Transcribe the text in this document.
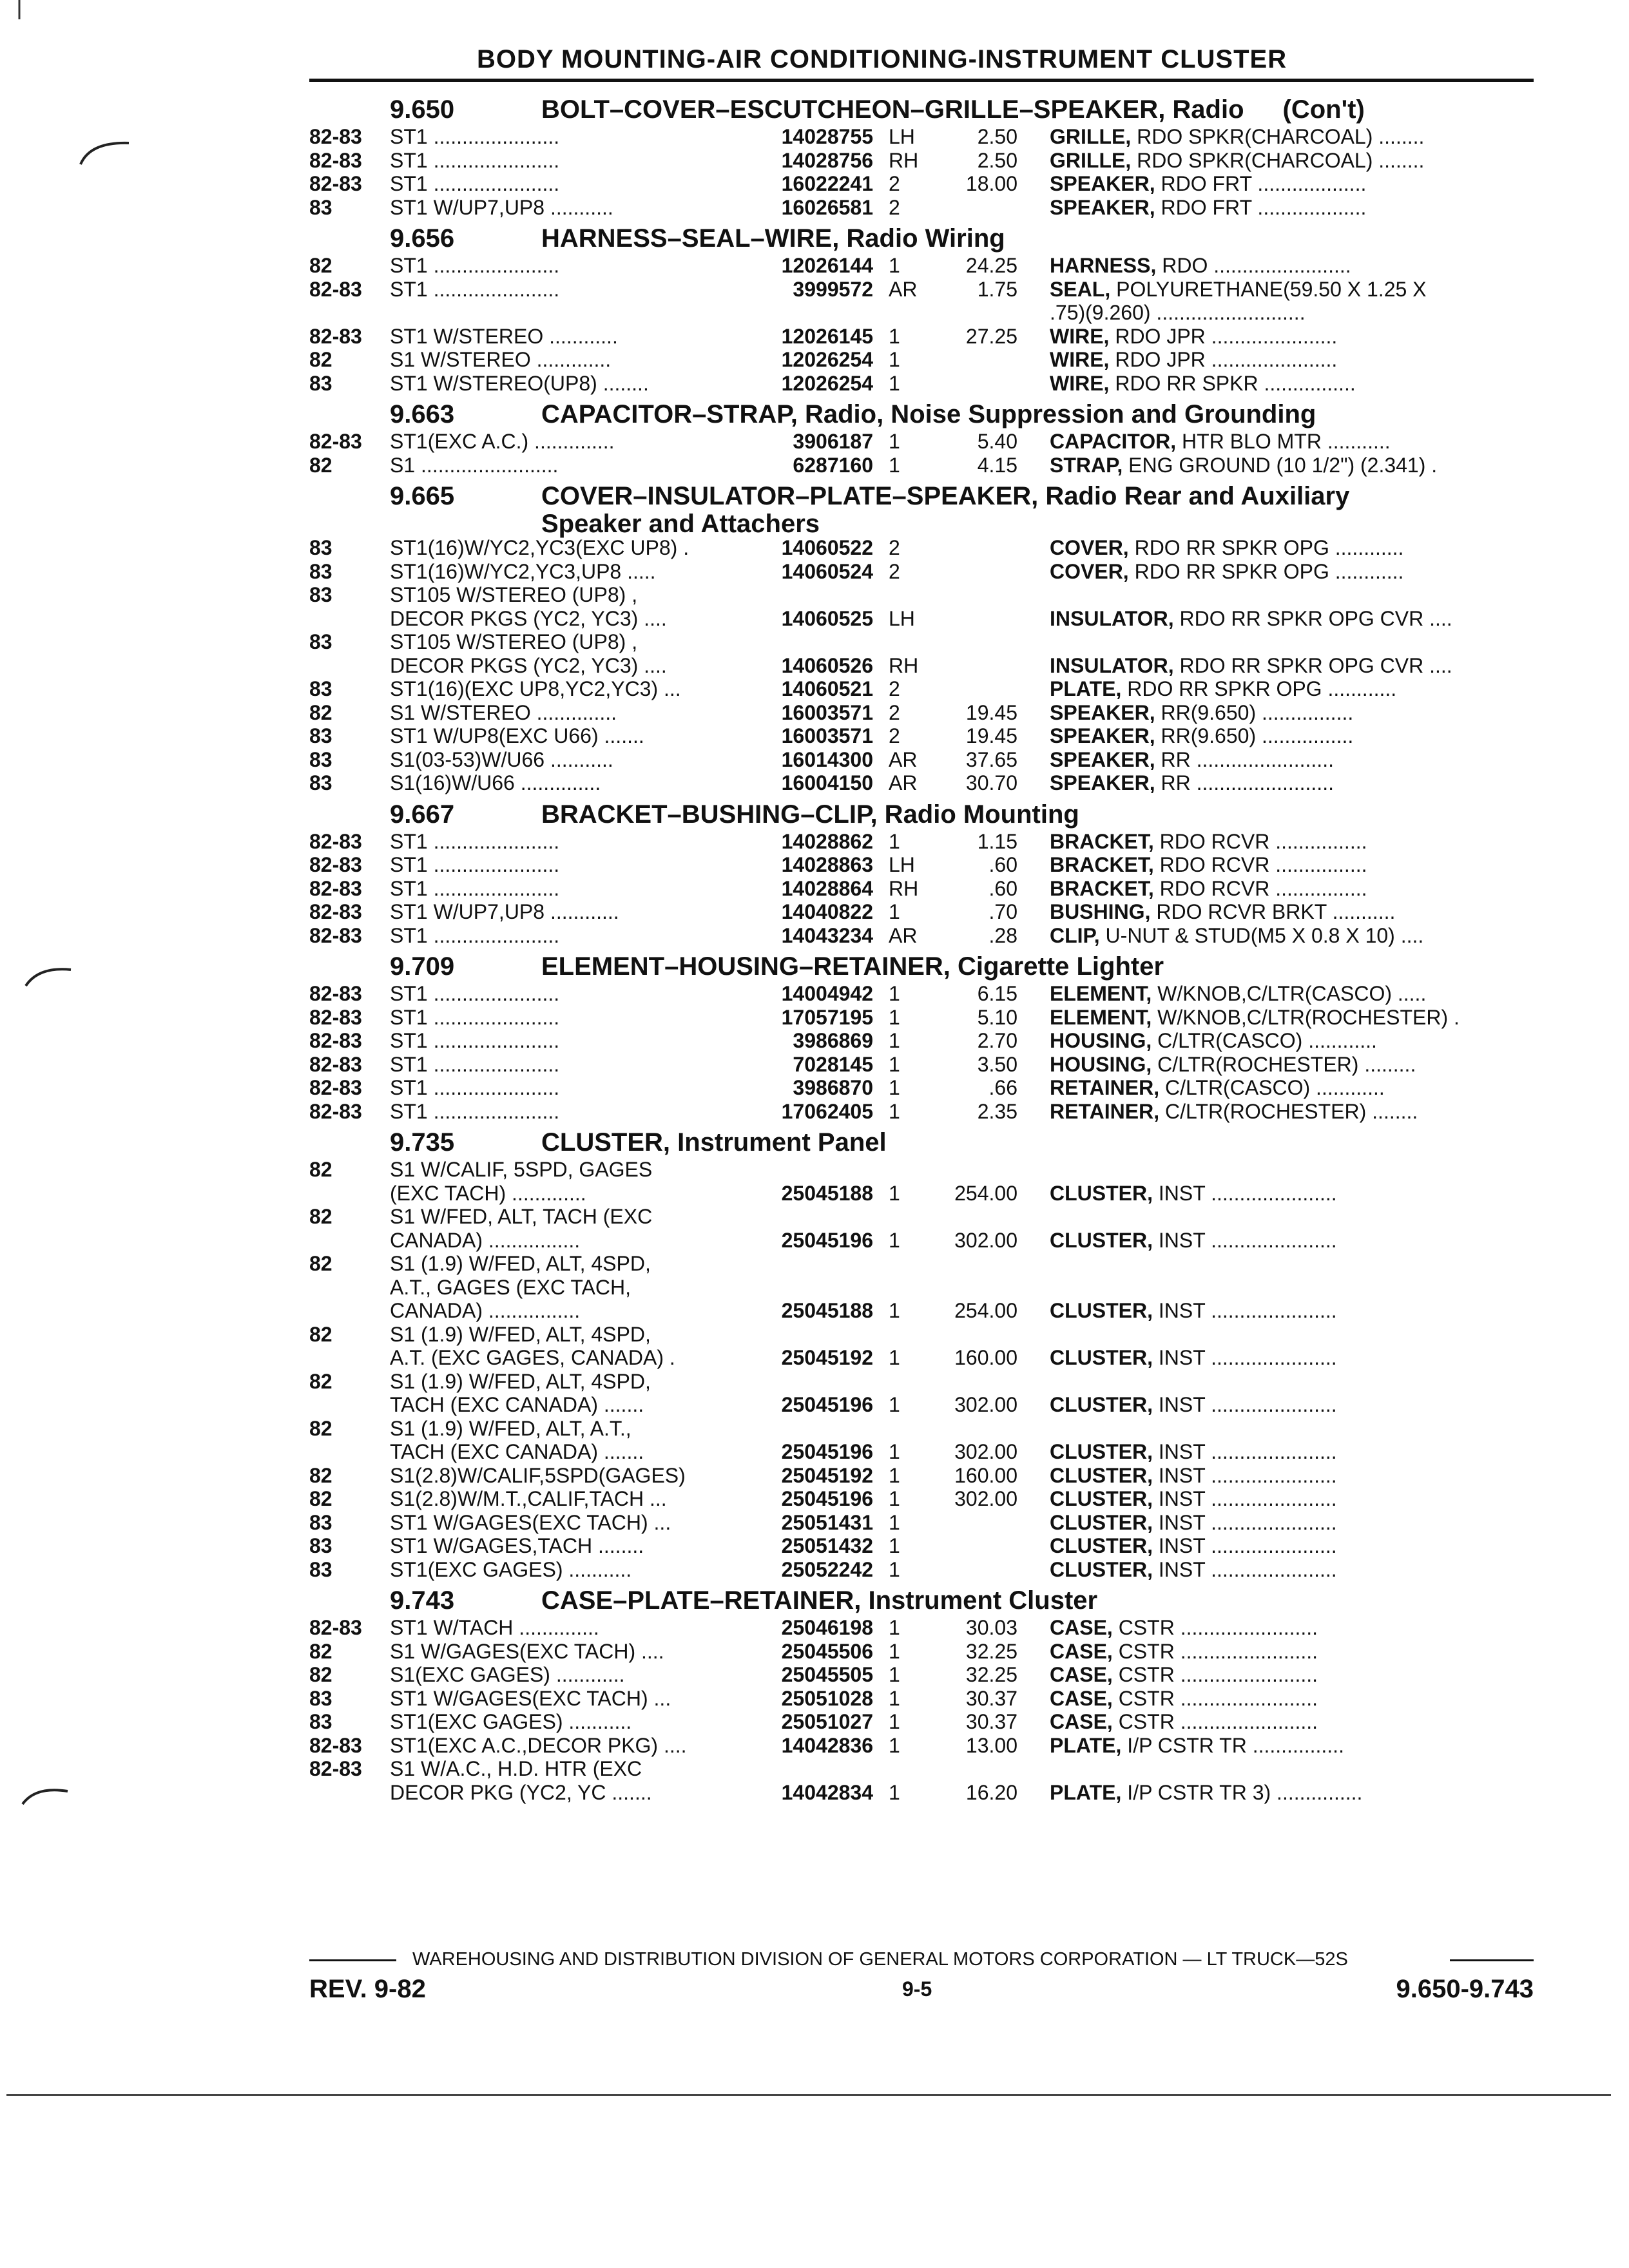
BODY MOUNTING-AIR CONDITIONING-INSTRUMENT CLUSTER
9.650	BOLT–COVER–ESCUTCHEON–GRILLE–SPEAKER, Radio (Con't)
82-83	ST1 ......................	14028755 LH	2.50 GRILLE, RDO SPKR(CHARCOAL) ........
82-83	ST1 ......................	14028756 RH	2.50 GRILLE, RDO SPKR(CHARCOAL) ........
82-83	ST1 ......................	16022241 2	18.00 SPEAKER, RDO FRT ...................
83	ST1 W/UP7,UP8 ...........	16026581 2	SPEAKER, RDO FRT ...................
9.656	HARNESS–SEAL–WIRE, Radio Wiring
82	ST1 ......................	12026144 1	24.25 HARNESS, RDO ........................
82-83	ST1 ......................	3999572 AR	1.75 SEAL, POLYURETHANE(59.50 X 1.25 X
.75)(9.260) ..........................
82-83	ST1 W/STEREO ............	12026145 1	27.25 WIRE, RDO JPR ......................
82	S1 W/STEREO .............	12026254 1	WIRE, RDO JPR ......................
83	ST1 W/STEREO(UP8) ........	12026254 1	WIRE, RDO RR SPKR ................
9.663	CAPACITOR–STRAP, Radio, Noise Suppression and Grounding
82-83	ST1(EXC A.C.) ..............	3906187 1	5.40 CAPACITOR, HTR BLO MTR ...........
82	S1 ........................	6287160 1	4.15 STRAP, ENG GROUND (10 1/2") (2.341) .
9.665	COVER–INSULATOR–PLATE–SPEAKER, Radio Rear and Auxiliary
Speaker and Attachers
83	ST1(16)W/YC2,YC3(EXC UP8) .	14060522 2	COVER, RDO RR SPKR OPG ............
83	ST1(16)W/YC2,YC3,UP8 .....	14060524 2	COVER, RDO RR SPKR OPG ............
83	ST105 W/STEREO (UP8) ,
DECOR PKGS (YC2, YC3) ....	14060525 LH	INSULATOR, RDO RR SPKR OPG CVR ....
83	ST105 W/STEREO (UP8) ,
DECOR PKGS (YC2, YC3) ....	14060526 RH	INSULATOR, RDO RR SPKR OPG CVR ....
83	ST1(16)(EXC UP8,YC2,YC3) ...	14060521 2	PLATE, RDO RR SPKR OPG ............
82	S1 W/STEREO ..............	16003571 2	19.45 SPEAKER, RR(9.650) ................
83	ST1 W/UP8(EXC U66) .......	16003571 2	19.45 SPEAKER, RR(9.650) ................
83	S1(03-53)W/U66 ...........	16014300 AR	37.65 SPEAKER, RR ........................
83	S1(16)W/U66 ..............	16004150 AR	30.70 SPEAKER, RR ........................
9.667	BRACKET–BUSHING–CLIP, Radio Mounting
82-83	ST1 ......................	14028862 1	1.15 BRACKET, RDO RCVR ................
82-83	ST1 ......................	14028863 LH	.60 BRACKET, RDO RCVR ................
82-83	ST1 ......................	14028864 RH	.60 BRACKET, RDO RCVR ................
82-83	ST1 W/UP7,UP8 ............	14040822 1	.70 BUSHING, RDO RCVR BRKT ...........
82-83	ST1 ......................	14043234 AR	.28 CLIP, U-NUT & STUD(M5 X 0.8 X 10) ....
9.709	ELEMENT–HOUSING–RETAINER, Cigarette Lighter
82-83	ST1 ......................	14004942 1	6.15 ELEMENT, W/KNOB,C/LTR(CASCO) .....
82-83	ST1 ......................	17057195 1	5.10 ELEMENT, W/KNOB,C/LTR(ROCHESTER) .
82-83	ST1 ......................	3986869 1	2.70 HOUSING, C/LTR(CASCO) ............
82-83	ST1 ......................	7028145 1	3.50 HOUSING, C/LTR(ROCHESTER) .........
82-83	ST1 ......................	3986870 1	.66 RETAINER, C/LTR(CASCO) ............
82-83	ST1 ......................	17062405 1	2.35 RETAINER, C/LTR(ROCHESTER) ........
9.735	CLUSTER, Instrument Panel
82	S1 W/CALIF, 5SPD, GAGES
(EXC TACH) .............	25045188 1	254.00 CLUSTER, INST ......................
82	S1 W/FED, ALT, TACH (EXC
CANADA) ................	25045196 1	302.00 CLUSTER, INST ......................
82	S1 (1.9) W/FED, ALT, 4SPD,
A.T., GAGES (EXC TACH,
CANADA) ................	25045188 1	254.00 CLUSTER, INST ......................
82	S1 (1.9) W/FED, ALT, 4SPD,
A.T. (EXC GAGES, CANADA) .	25045192 1	160.00 CLUSTER, INST ......................
82	S1 (1.9) W/FED, ALT, 4SPD,
TACH (EXC CANADA) .......	25045196 1	302.00 CLUSTER, INST ......................
82	S1 (1.9) W/FED, ALT, A.T.,
TACH (EXC CANADA) .......	25045196 1	302.00 CLUSTER, INST ......................
82	S1(2.8)W/CALIF,5SPD(GAGES)	25045192 1	160.00 CLUSTER, INST ......................
82	S1(2.8)W/M.T.,CALIF,TACH ...	25045196 1	302.00 CLUSTER, INST ......................
83	ST1 W/GAGES(EXC TACH) ...	25051431 1	CLUSTER, INST ......................
83	ST1 W/GAGES,TACH ........	25051432 1	CLUSTER, INST ......................
83	ST1(EXC GAGES) ...........	25052242 1	CLUSTER, INST ......................
9.743	CASE–PLATE–RETAINER, Instrument Cluster
82-83	ST1 W/TACH ..............	25046198 1	30.03 CASE, CSTR ........................
82	S1 W/GAGES(EXC TACH) ....	25045506 1	32.25 CASE, CSTR ........................
82	S1(EXC GAGES) ............	25045505 1	32.25 CASE, CSTR ........................
83	ST1 W/GAGES(EXC TACH) ...	25051028 1	30.37 CASE, CSTR ........................
83	ST1(EXC GAGES) ...........	25051027 1	30.37 CASE, CSTR ........................
82-83	ST1(EXC A.C.,DECOR PKG) ....	14042836 1	13.00 PLATE, I/P CSTR TR ................
82-83	S1 W/A.C., H.D. HTR (EXC
DECOR PKG (YC2, YC .......	14042834 1	16.20 PLATE, I/P CSTR TR 3) ...............
WAREHOUSING AND DISTRIBUTION DIVISION OF GENERAL MOTORS CORPORATION — LT TRUCK—52S
REV. 9-82	9-5	9.650-9.743
